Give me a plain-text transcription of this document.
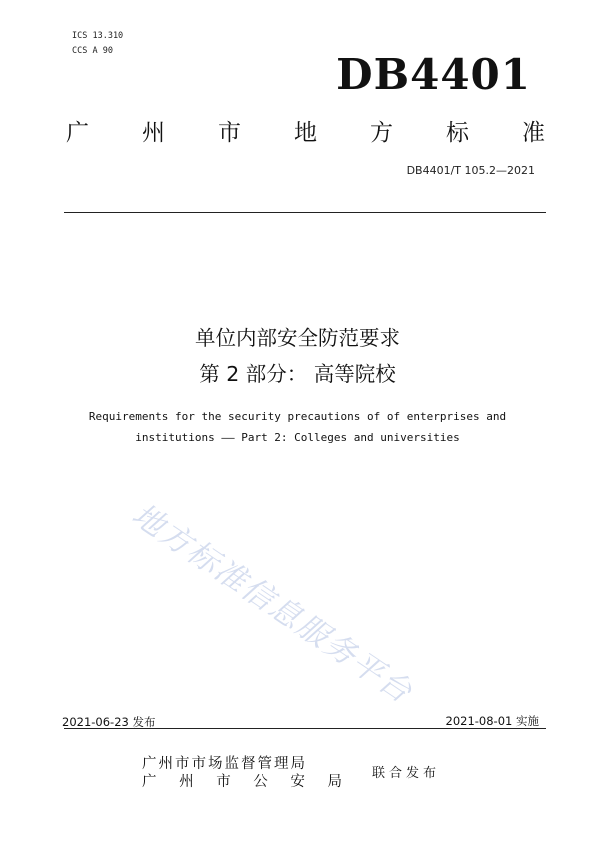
ICS 13.310
CCS A 90	DB4401
广 州 市 地 方 标 准
DB4401/T 105.2—2021
单位内部安全防范要求
第 2 部分： 高等院校
Requirements for the security precautions of of enterprises and
institutions —— Part 2: Colleges and universities
地方标准信息服务平台
2021-06-23 发布	2021-08-01 实施
广州市市场监督管理局
广 州 市 公 安 局
联合发布
